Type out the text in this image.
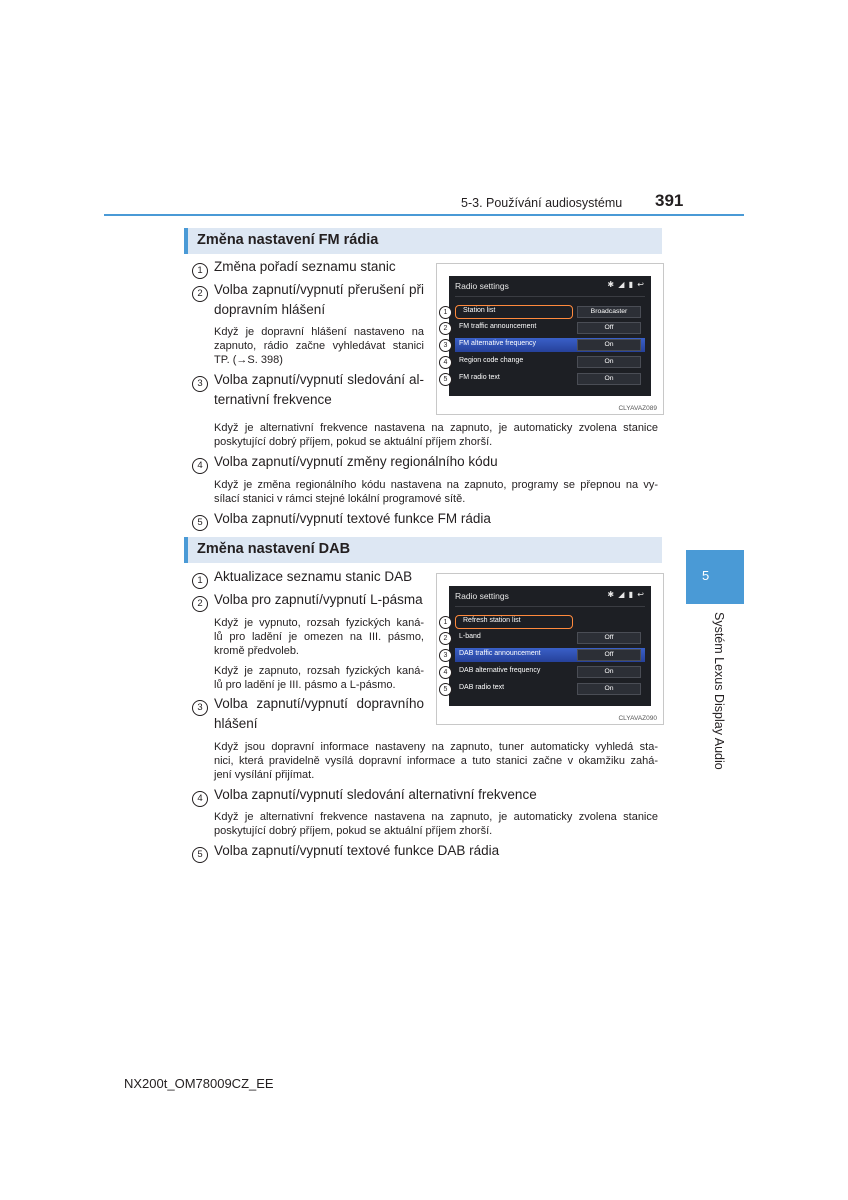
5-3. Používání audiosystému 391
5
Systém Lexus Display Audio
Změna nastavení FM rádia
1 Změna pořadí seznamu stanic
2 Volba zapnutí/vypnutí přerušení při
dopravním hlášení
Když je dopravní hlášení nastaveno na
zapnuto, rádio začne vyhledávat stanici
TP. (→S. 398)
3 Volba zapnutí/vypnutí sledování al-
ternativní frekvence
Radio settings	✱ ◢ ▮ ↩
Station list	Broadcaster
FM traffic announcement	Off
FM alternative frequency	On
Region code change	On
FM radio text	On
1
2
3
4
5
CLYAVAZ089
Když je alternativní frekvence nastavena na zapnuto, je automaticky zvolena stanice
poskytující dobrý příjem, pokud se aktuální příjem zhorší.
4 Volba zapnutí/vypnutí změny regionálního kódu
Když je změna regionálního kódu nastavena na zapnuto, programy se přepnou na vy-
sílací stanici v rámci stejné lokální programové sítě.
5 Volba zapnutí/vypnutí textové funkce FM rádia
Změna nastavení DAB
1 Aktualizace seznamu stanic DAB
2 Volba pro zapnutí/vypnutí L-pásma
Když je vypnuto, rozsah fyzických kaná-
lů pro ladění je omezen na III. pásmo,
kromě předvoleb.
Když je zapnuto, rozsah fyzických kaná-
lů pro ladění je III. pásmo a L-pásmo.
3 Volba zapnutí/vypnutí dopravního
hlášení
Radio settings	✱ ◢ ▮ ↩
Refresh station list
L-band	Off
DAB traffic announcement	Off
DAB alternative frequency	On
DAB radio text	On
1
2
3
4
5
CLYAVAZ090
Když jsou dopravní informace nastaveny na zapnuto, tuner automaticky vyhledá sta-
nici, která pravidelně vysílá dopravní informace a tuto stanici začne v okamžiku zahá-
jení vysílání přijímat.
4 Volba zapnutí/vypnutí sledování alternativní frekvence
Když je alternativní frekvence nastavena na zapnuto, je automaticky zvolena stanice
poskytující dobrý příjem, pokud se aktuální příjem zhorší.
5 Volba zapnutí/vypnutí textové funkce DAB rádia
NX200t_OM78009CZ_EE
